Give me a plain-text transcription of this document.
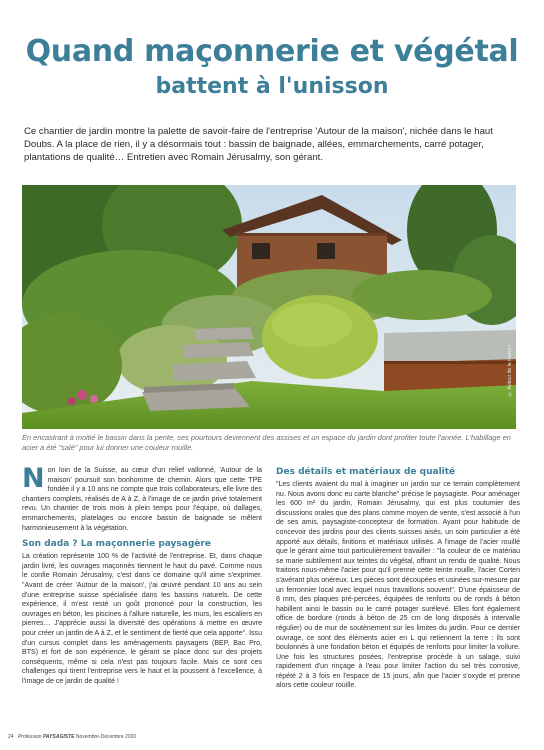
Quand maçonnerie et végétal
battent à l'unisson

Ce chantier de jardin montre la palette de savoir-faire de l'entreprise 'Autour de la maison', nichée dans le haut Doubs. A la place de rien, il y a désormais tout : bassin de baignade, allées, emmarchements, carré potager, plantations de qualité… Entretien avec Romain Jérusalmy, son gérant.

© Autour de la maison

En encastrant à moitié le bassin dans la pente, ses pourtours deviennent des assises et un espace du jardin dont profiter toute l'année. L'habillage en acier a été "salé" pour lui donner une couleur rouille.

N on loin de la Suisse, au cœur d'un relief vallonné, 'Autour de la maison' poursuit son bonhomme de chemin. Alors que cette TPE fondée il y a 10 ans ne compte que trois collaborateurs, elle livre des chantiers complets, réalisés de A à Z, à l'image de ce jardin privé totalement revu. Un chantier de trois mois à plein temps pour l'équipe, où dallages, emmarchements, platelages ou encore bassin de baignade se mêlent harmonieusement à la végétation.

Son dada ? La maçonnerie paysagère

La création représente 100 % de l'activité de l'entreprise. Et, dans chaque jardin livré, les ouvrages maçonnés tiennent le haut du pavé. Comme nous le confie Romain Jérusalmy, c'est dans ce domaine qu'il aime s'exprimer. "Avant de créer 'Autour de la maison', j'ai œuvré pendant 10 ans au sein d'une entreprise suisse spécialisée dans les bassins naturels. De cette expérience, il m'est resté un goût prononcé pour la construction, les ouvrages en béton, les piscines à l'allure naturelle, les murs, les escaliers en pierres… J'apprécie aussi la diversité des opérations à mettre en œuvre pour créer un jardin de A à Z, et le sentiment de fierté que cela apporte". Issu d'un cursus complet dans les aménagements paysagers (BEP, Bac Pro, BTS) et fort de son expérience, le gérant se place donc sur des projets conséquents, même si cela n'est pas toujours facile. Mais ce sont ces challenges qui tirent l'entreprise vers le haut et la poussent à l'excellence, à l'image de ce jardin de qualité !

Des détails et matériaux de qualité

"Les clients avaient du mal à imaginer un jardin sur ce terrain complètement nu. Nous avons donc eu carte blanche" précise le paysagiste. Pour aménager les 600 m² du jardin, Romain Jérusalmy, qui est plus coutumier des discussions orales que des plans comme moyen de vente, s'est associé à l'un de ses amis, paysagiste-concepteur de formation. Ayant pour habitude de concevoir des jardins pour des clients suisses aisés, un soin particulier a été apporté aux détails, finitions et matériaux utilisés. A l'image de l'acier rouillé que le gérant aime tout particulièrement travailler : "la couleur de ce matériau se marie subtilement aux teintes du végétal, offrant un rendu de qualité. Nous traitons nous-même l'acier pour qu'il prenne cette teinte rouille, l'acier Corten s'avérant plus onéreux. Les pièces sont découpées et usinées sur-mesure par un ferronnier local avec lequel nous travaillons souvent". D'une épaisseur de 8 mm, des plaques pré-percées, équipées de renforts ou de ronds à béton habillent ainsi le bassin ou le carré potager surélevé. Elles font également office de bordure (ronds à béton de 25 cm de long disposés à intervalle régulier) ou de mur de soutènement sur les limites du jardin. Pour ce dernier ouvrage, ce sont des éléments acier en L qui retiennent la terre : ils sont boulonnés à une fondation béton et équipés de renforts pour limiter la voilure. Une fois les structures posées, l'entreprise procède à un salage, suivi rapidement d'un rinçage à l'eau pour limiter l'action du sel très corrosive, répété 2 à 3 fois en l'espace de 15 jours, afin que l'acier s'oxyde et prenne alors cette couleur rouille.

24 Profession PAYSAGISTE Novembre-Décembre 2020
